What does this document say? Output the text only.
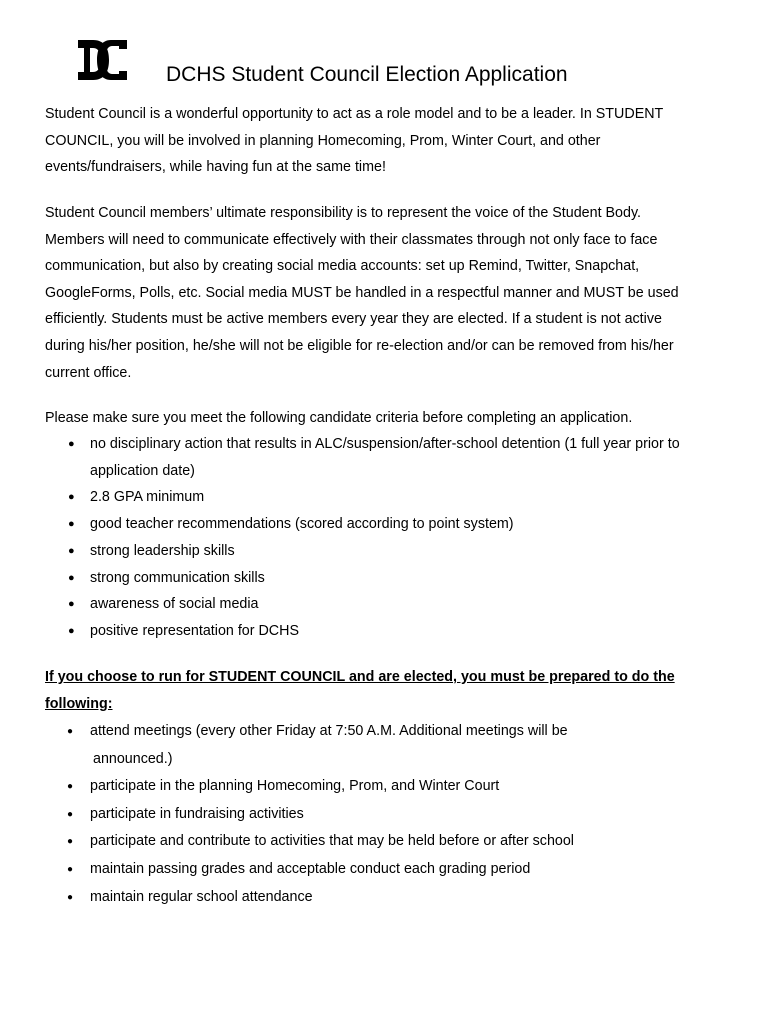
DCHS Student Council Election Application

Student Council is a wonderful opportunity to act as a role model and to be a leader. In STUDENT
COUNCIL, you will be involved in planning Homecoming, Prom, Winter Court, and other
events/fundraisers, while having fun at the same time!

Student Council members’ ultimate responsibility is to represent the voice of the Student Body.
Members will need to communicate effectively with their classmates through not only face to face
communication, but also by creating social media accounts: set up Remind, Twitter, Snapchat,
GoogleForms, Polls, etc. Social media MUST be handled in a respectful manner and MUST be used
efficiently. Students must be active members every year they are elected. If a student is not active
during his/her position, he/she will not be eligible for re-election and/or can be removed from his/her
current office.

Please make sure you meet the following candidate criteria before completing an application.

● no disciplinary action that results in ALC/suspension/after-school detention (1 full year prior to
application date)
● 2.8 GPA minimum
● good teacher recommendations (scored according to point system)
● strong leadership skills
● strong communication skills
● awareness of social media
● positive representation for DCHS
If you choose to run for STUDENT COUNCIL and are elected, you must be prepared to do the
following:
● attend meetings (every other Friday at 7:50 A.M. Additional meetings will be
announced.)
● participate in the planning Homecoming, Prom, and Winter Court
● participate in fundraising activities
● participate and contribute to activities that may be held before or after school
● maintain passing grades and acceptable conduct each grading period
● maintain regular school attendance
